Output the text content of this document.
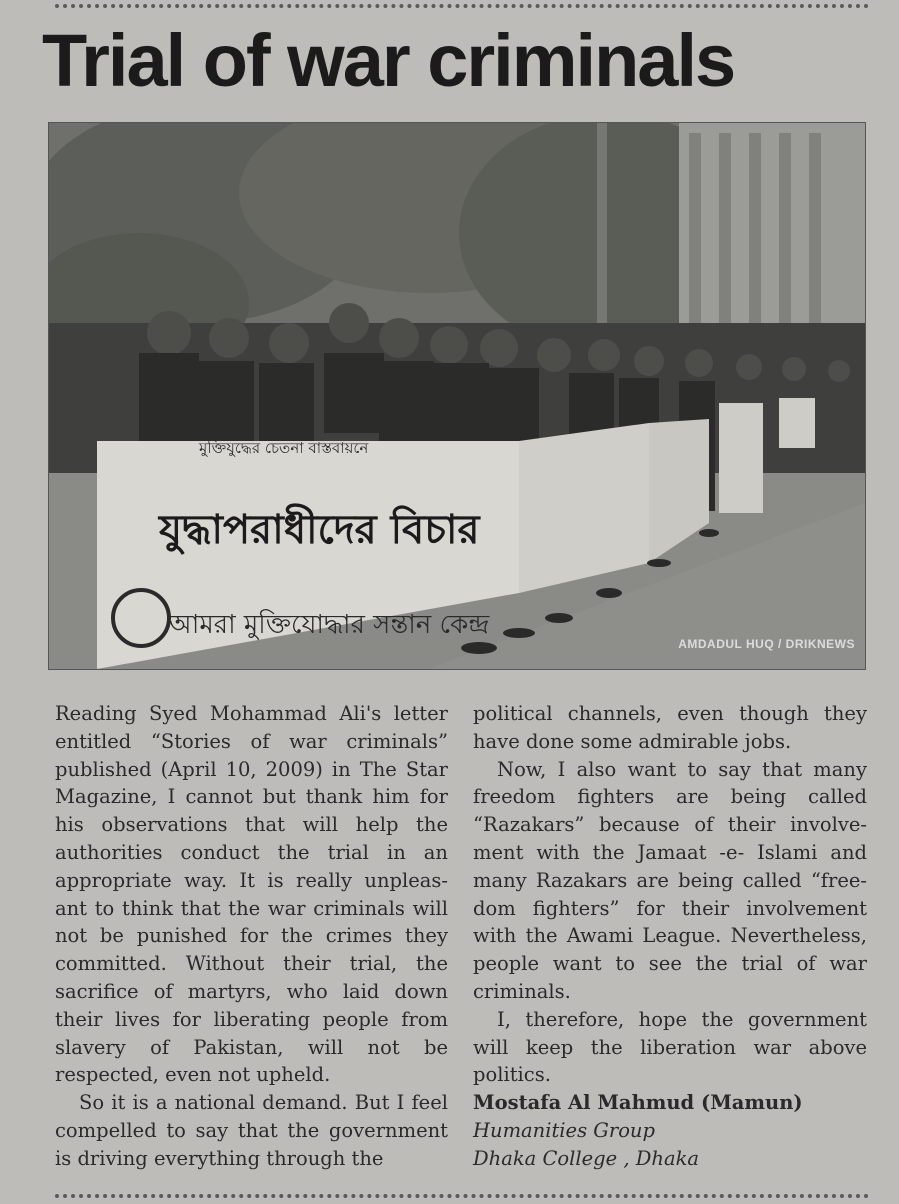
Trial of war criminals
মুক্তিযুদ্ধের চেতনা বাস্তবায়নে
যুদ্ধাপরাধীদের বিচার
আমরা মুক্তিযোদ্ধার সন্তান কেন্দ্র
AMDADUL HUQ / DRIKNEWS

Reading Syed Mohammad Ali's letter entitled “Stories of war criminals” published (April 10, 2009) in The Star Magazine, I cannot but thank him for his observations that will help the authorities conduct the trial in an appropriate way. It is really unpleas-ant to think that the war criminals will not be punished for the crimes they committed. Without their trial, the sacrifice of martyrs, who laid down their lives for liberating people from slavery of Pakistan, will not be respected, even not upheld.

So it is a national demand. But I feel compelled to say that the government is driving everything through the

political channels, even though they have done some admirable jobs.

Now, I also want to say that many freedom fighters are being called “Razakars” because of their involve-ment with the Jamaat -e- Islami and many Razakars are being called “free-dom fighters” for their involvement with the Awami League. Nevertheless, people want to see the trial of war criminals.

I, therefore, hope the government will keep the liberation war above politics.

Mostafa Al Mahmud (Mamun)

Humanities Group

Dhaka College , Dhaka
